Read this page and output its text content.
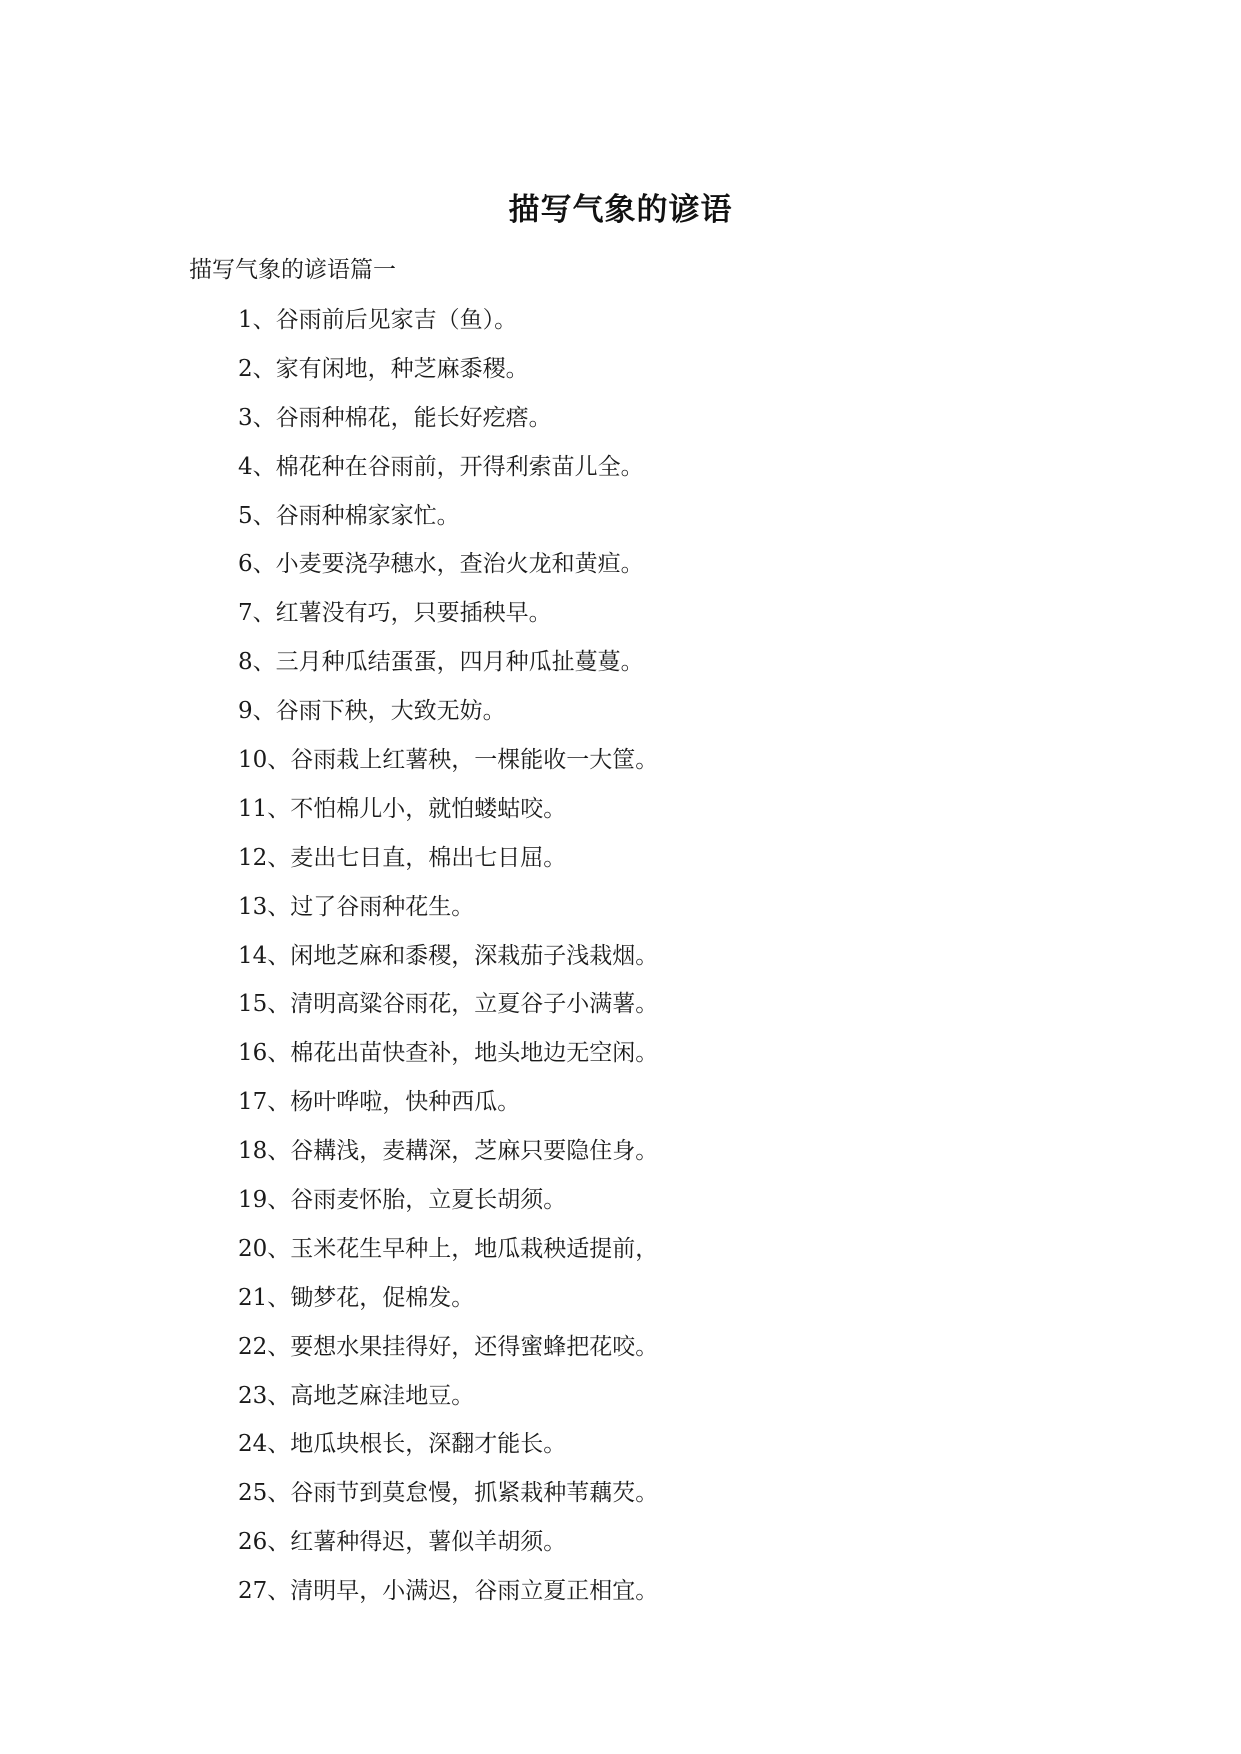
描写气象的谚语
描写气象的谚语篇一
1、谷雨前后见家吉（鱼）。
2、家有闲地，种芝麻黍稷。
3、谷雨种棉花，能长好疙瘩。
4、棉花种在谷雨前，开得利索苗儿全。
5、谷雨种棉家家忙。
6、小麦要浇孕穗水，查治火龙和黄疸。
7、红薯没有巧，只要插秧早。
8、三月种瓜结蛋蛋，四月种瓜扯蔓蔓。
9、谷雨下秧，大致无妨。
10、谷雨栽上红薯秧，一棵能收一大筐。
11、不怕棉儿小，就怕蝼蛄咬。
12、麦出七日直，棉出七日屈。
13、过了谷雨种花生。
14、闲地芝麻和黍稷，深栽茄子浅栽烟。
15、清明高粱谷雨花，立夏谷子小满薯。
16、棉花出苗快查补，地头地边无空闲。
17、杨叶哗啦，快种西瓜。
18、谷耩浅，麦耩深，芝麻只要隐住身。
19、谷雨麦怀胎，立夏长胡须。
20、玉米花生早种上，地瓜栽秧适提前，
21、锄梦花，促棉发。
22、要想水果挂得好，还得蜜蜂把花咬。
23、高地芝麻洼地豆。
24、地瓜块根长，深翻才能长。
25、谷雨节到莫怠慢，抓紧栽种苇藕芡。
26、红薯种得迟，薯似羊胡须。
27、清明早，小满迟，谷雨立夏正相宜。
